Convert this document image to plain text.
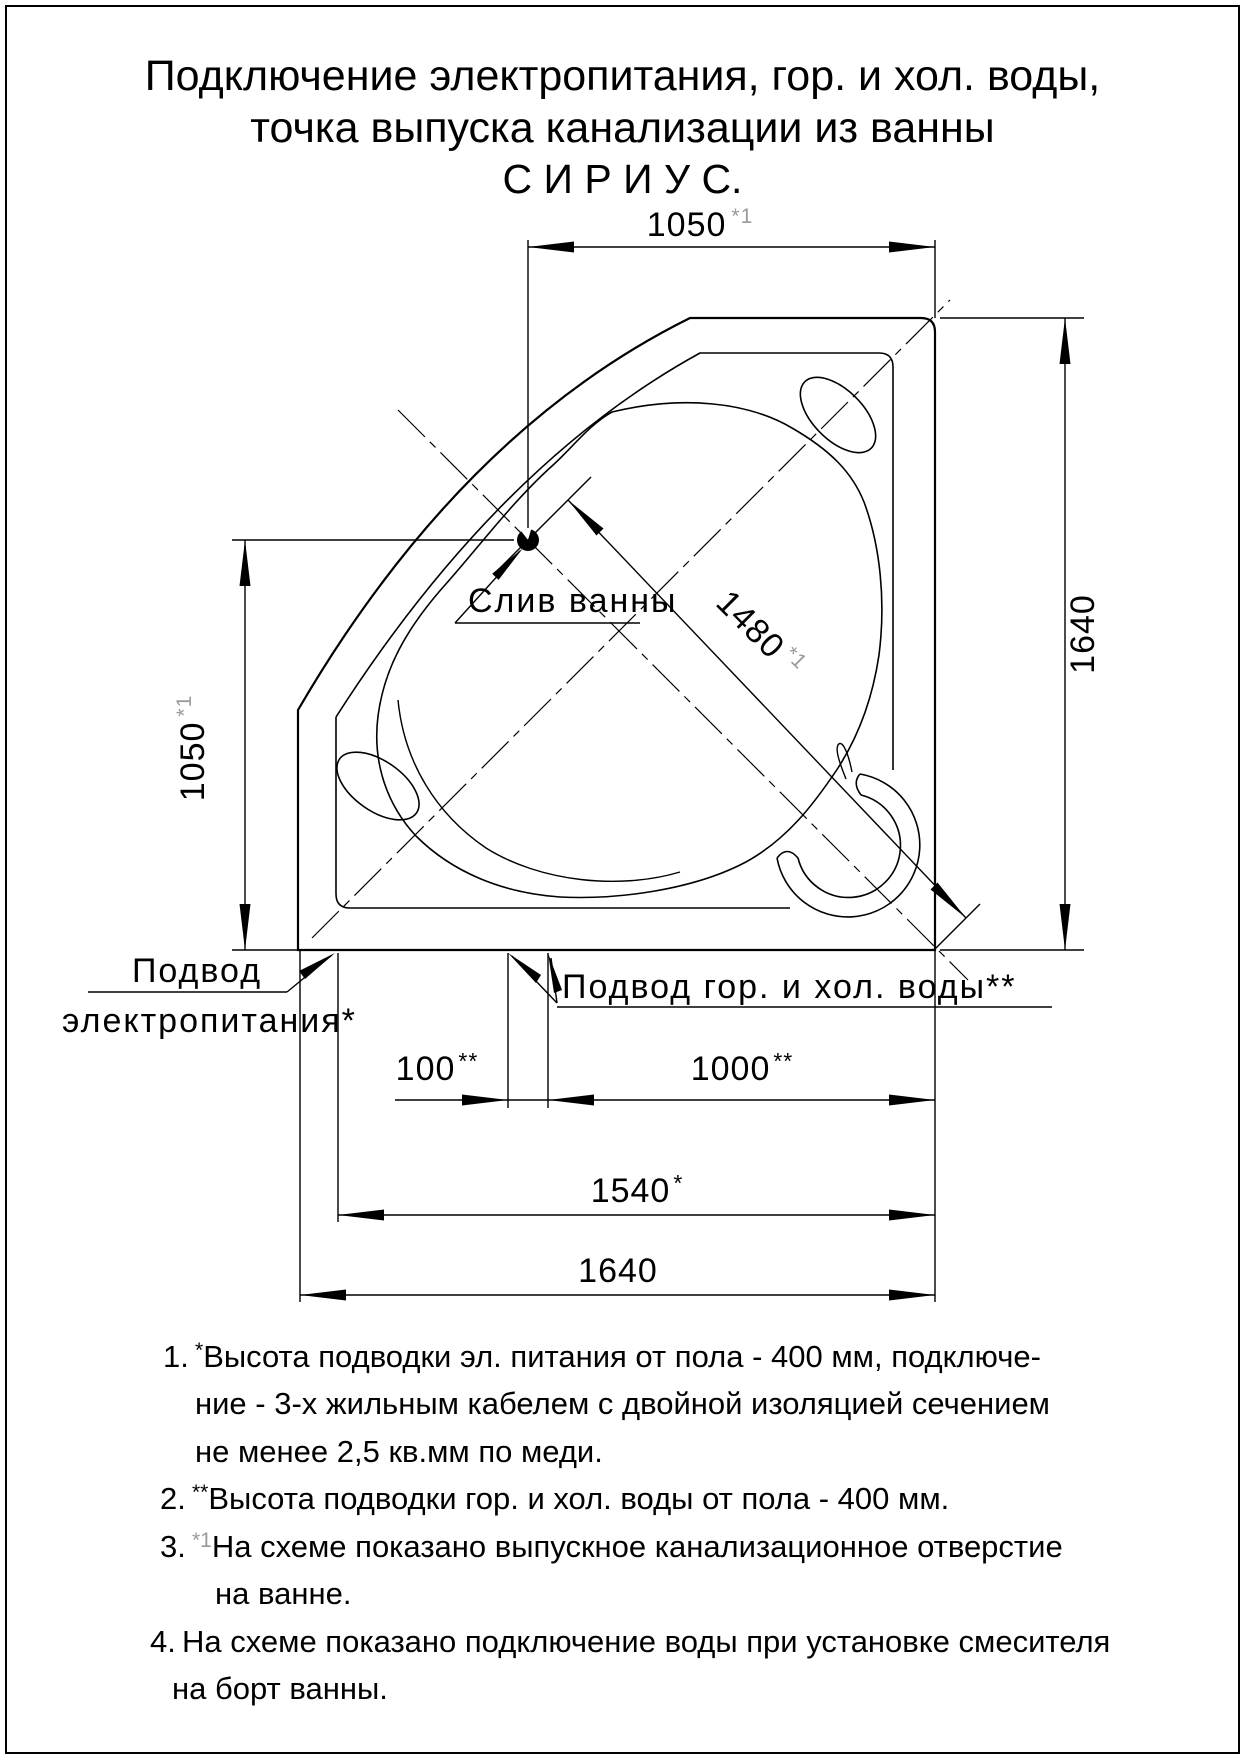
1050 $^{*1}$
1640
1050$^{*1}$
1480$^{*1}$
100 **	1000 **
1540 *
1640
Слив ванны
Подвод
электропитания*
Подвод гор. и хол. воды**
Подключение электропитания, гор. и хол. воды,
точка выпуска канализации из ванны
С И Р И У С.
1. *Высота подводки эл. питания от пола - 400 мм, подключе-
ние - 3-х жильным кабелем с двойной изоляцией сечением
не менее 2,5 кв.мм по меди.
2. **Высота подводки гор. и хол. воды от пола - 400 мм.
3. $^{*1}$На схеме показано выпускное канализационное отверстие
на ванне.
4. На схеме показано подключение воды при установке смесителя
на борт ванны.
